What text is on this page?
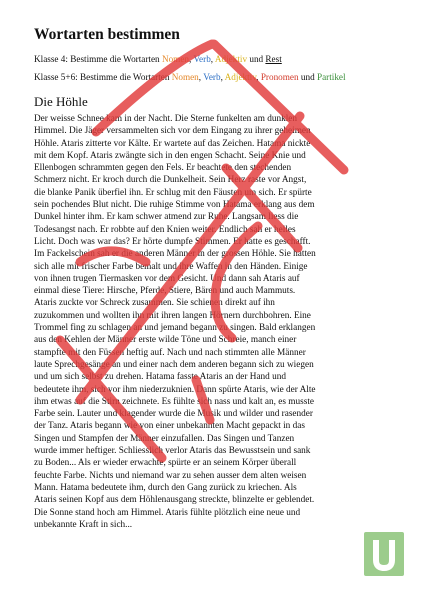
Wortarten bestimmen
Klasse 4: Bestimme die Wortarten Nomen, Verb, Adjektiv und Rest
Klasse 5+6: Bestimme die Wortarten Nomen, Verb, Adjektiv, Pronomen und Partikel
Die Höhle
Der weisse Schnee kam in der Nacht. Die Sterne funkelten am dunklen
Himmel. Die Jäger versammelten sich vor dem Eingang zu ihrer geheimen
Höhle. Ataris zitterte vor Kälte. Er wartete auf das Zeichen. Hatama nickte
mit dem Kopf. Ataris zwängte sich in den engen Schacht. Seine Knie und
Ellenbogen schrammten gegen den Fels. Er beachtete den stechenden
Schmerz nicht. Er kroch durch die Dunkelheit. Sein Herz raste vor Angst,
die blanke Panik überfiel ihn. Er schlug mit den Fäusten um sich. Er spürte
sein pochendes Blut nicht. Die ruhige Stimme von Hatama erklang aus dem
Dunkel hinter ihm. Er kam schwer atmend zur Ruhe. Langsam liess die
Todesangst nach. Er robbte auf den Knien weiter. Endlich sah er helles
Licht. Doch was war das? Er hörte dumpfe Stimmen. Er hatte es geschafft.
Im Fackelschein sah er die anderen Männer in der grossen Höhle. Sie hatten
sich alle mit frischer Farbe bemalt und ihre Waffen in den Händen. Einige
von ihnen trugen Tiermasken vor dem Gesicht. Und dann sah Ataris auf
einmal diese Tiere: Hirsche, Pferde, Stiere, Bären und auch Mammuts.
Ataris zuckte vor Schreck zusammen. Sie schienen direkt auf ihn
zuzukommen und wollten ihn mit ihren langen Hörnern durchbohren. Eine
Trommel fing zu schlagen an und jemand begann zu singen. Bald erklangen
aus den Kehlen der Männer erste wilde Töne und Schreie, manch einer
stampfte mit den Füssen heftig auf. Nach und nach stimmten alle Männer
laute Sprechgesänge an und einer nach dem anderen begann sich zu wiegen
und um sich selbst zu drehen. Hatama fasste Ataris an der Hand und
bedeutete ihm, sich vor ihm niederzuknien. Dann spürte Ataris, wie der Alte
ihm etwas auf die Stirn zeichnete. Es fühlte sich nass und kalt an, es musste
Farbe sein. Lauter und klagender wurde die Musik und wilder und rasender
der Tanz. Ataris begann wie von einer unbekannten Macht gepackt in das
Singen und Stampfen der Männer einzufallen. Das Singen und Tanzen
wurde immer heftiger. Schliesslich verlor Ataris das Bewusstsein und sank
zu Boden... Als er wieder erwachte, spürte er an seinem Körper überall
feuchte Farbe. Nichts und niemand war zu sehen ausser dem alten weisen
Mann. Hatama bedeutete ihm, durch den Gang zurück zu kriechen. Als
Ataris seinen Kopf aus dem Höhlenausgang streckte, blinzelte er geblendet.
Die Sonne stand hoch am Himmel. Ataris fühlte plötzlich eine neue und
unbekannte Kraft in sich...
